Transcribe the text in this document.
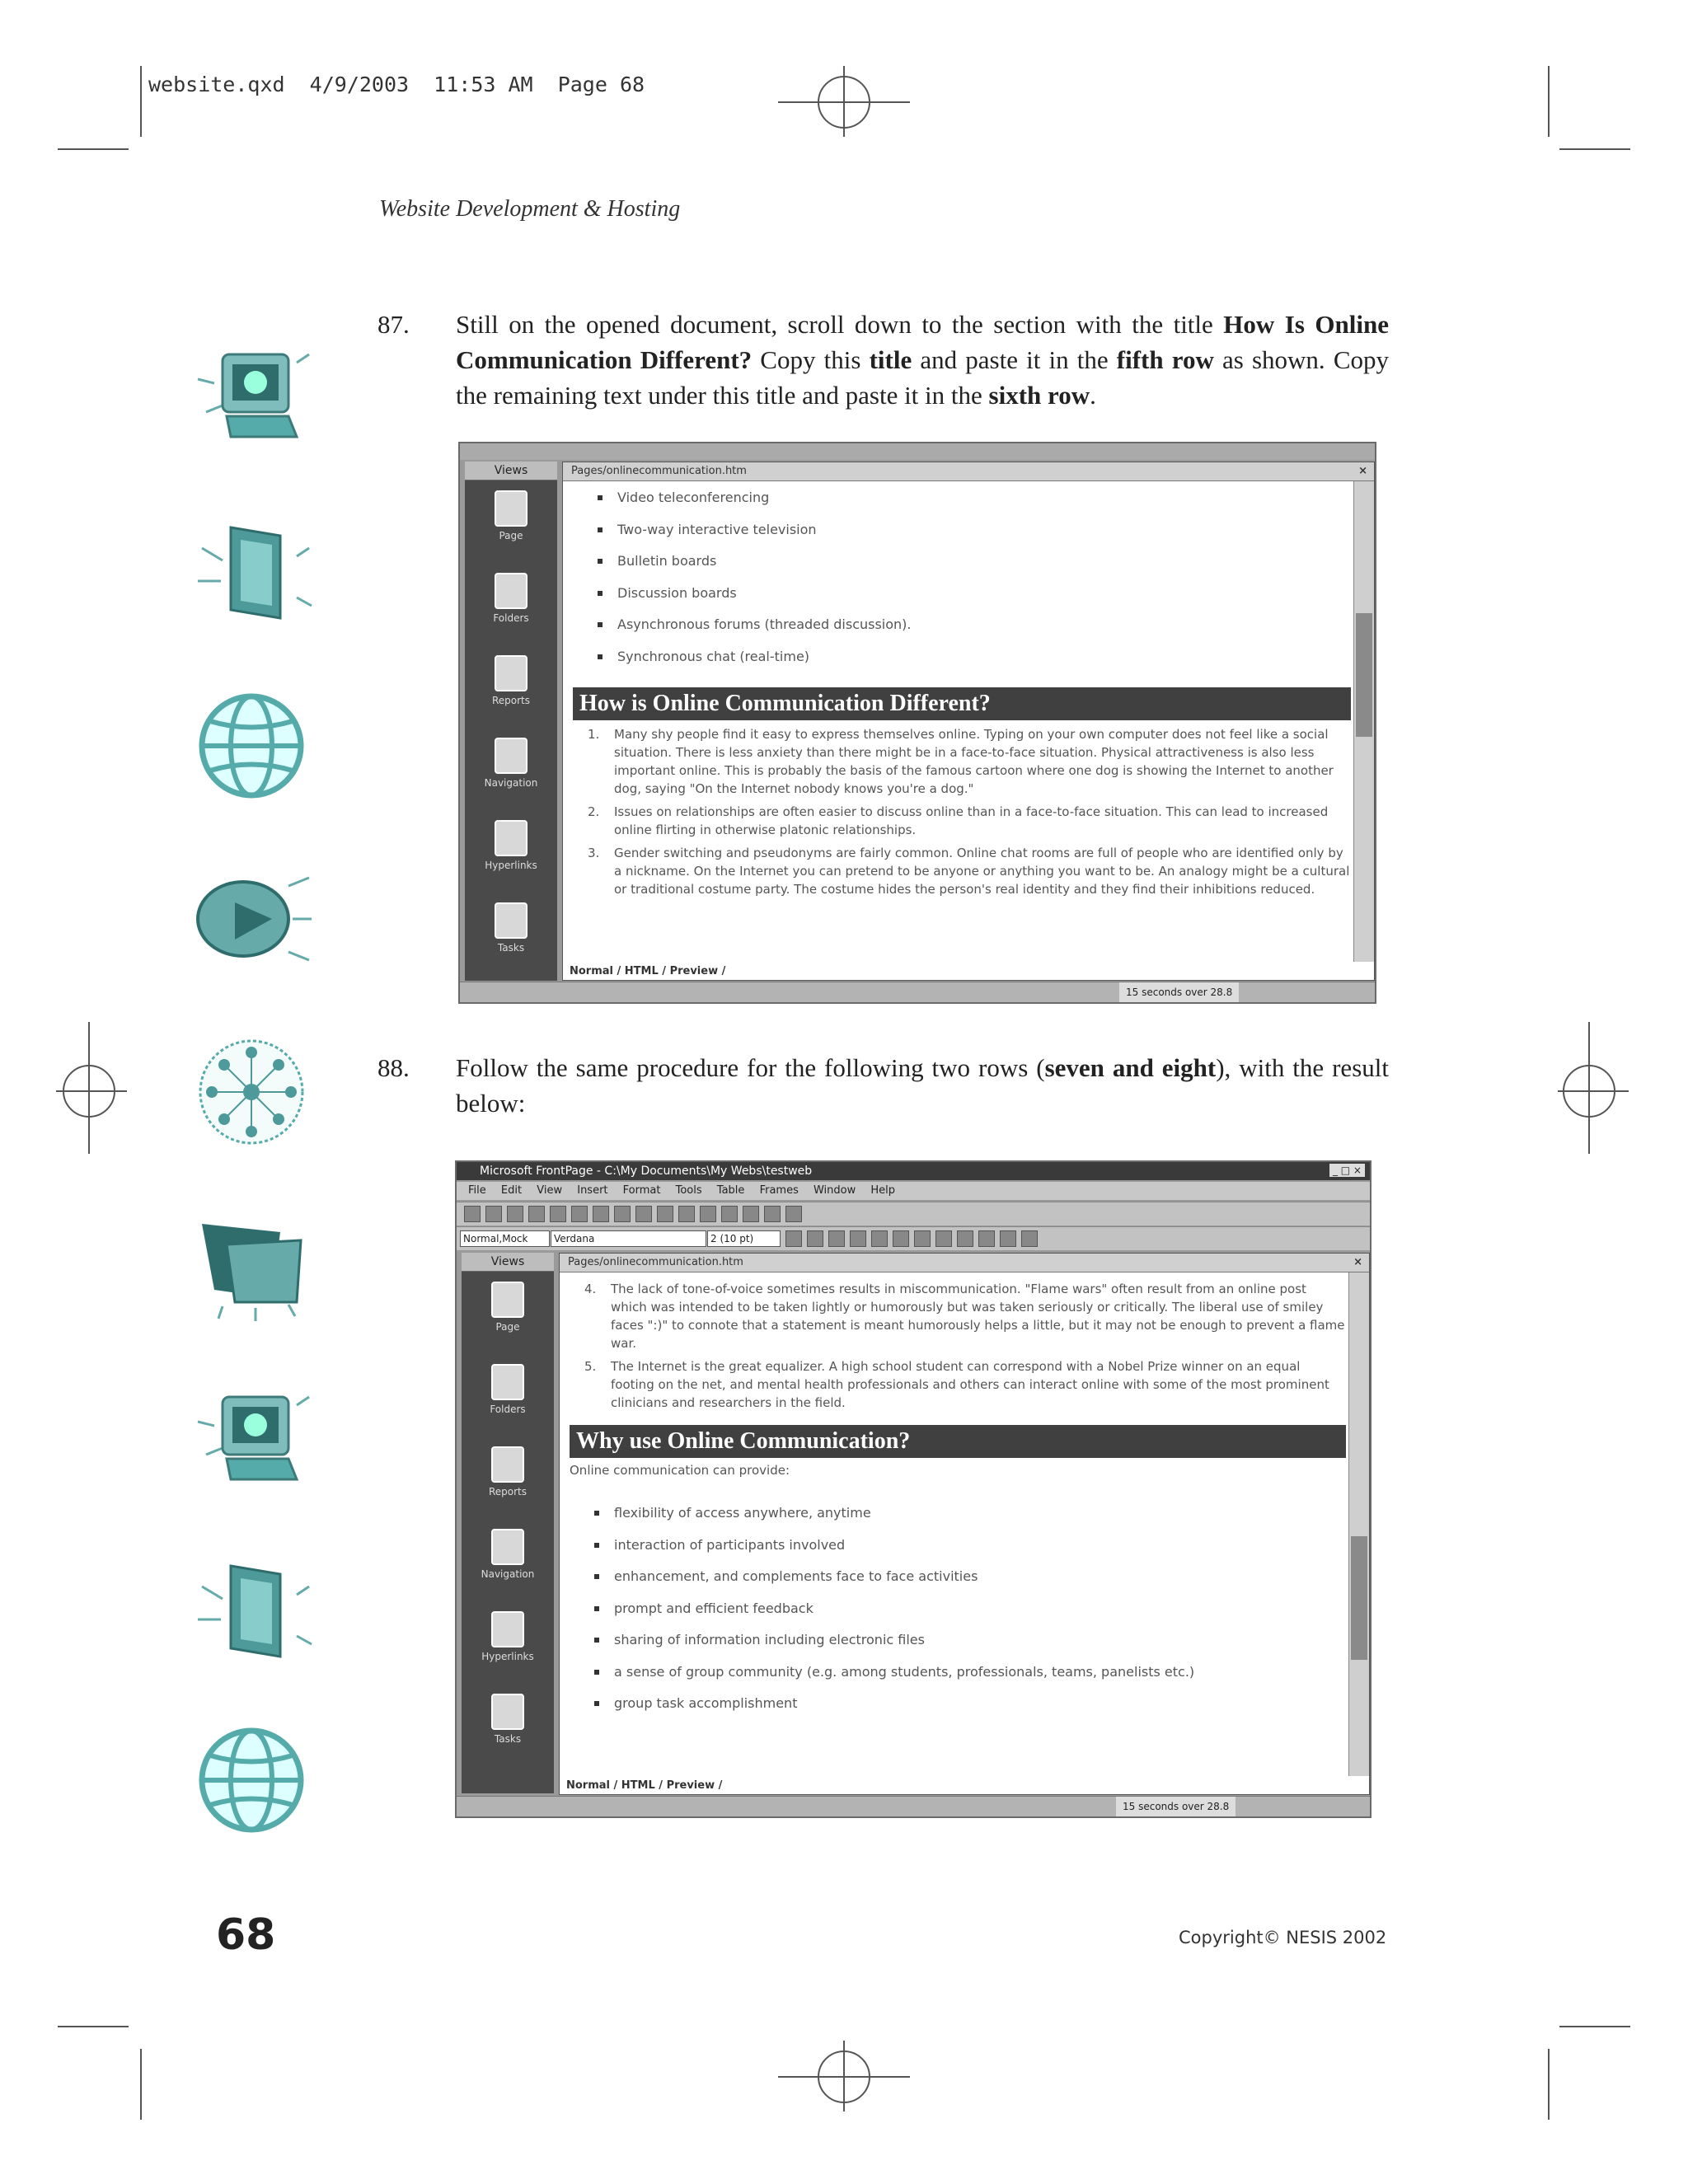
website.qxd  4/9/2003  11:53 AM  Page 68
Website Development & Hosting
87. Still on the opened document, scroll down to the section with the title How Is Online Communication Different? Copy this title and paste it in the fifth row as shown. Copy the remaining text under this title and paste it in the sixth row.
Views
Page
Folders
Reports
Navigation
Hyperlinks
Tasks
Pages/onlinecommunication.htm	×
Video teleconferencing
Two-way interactive television
Bulletin boards
Discussion boards
Asynchronous forums (threaded discussion).
Synchronous chat (real-time)
How is Online Communication Different?
1. Many shy people find it easy to express themselves online. Typing on your own computer does not feel like a social situation. There is less anxiety than there might be in a face-to-face situation. Physical attractiveness is also less important online. This is probably the basis of the famous cartoon where one dog is showing the Internet to another dog, saying "On the Internet nobody knows you're a dog."
2. Issues on relationships are often easier to discuss online than in a face-to-face situation. This can lead to increased online flirting in otherwise platonic relationships.
3. Gender switching and pseudonyms are fairly common. Online chat rooms are full of people who are identified only by a nickname. On the Internet you can pretend to be anyone or anything you want to be. An analogy might be a cultural or traditional costume party. The costume hides the person's real identity and they find their inhibitions reduced.
Normal / HTML / Preview /
15 seconds over 28.8
88. Follow the same procedure for the following two rows (seven and eight), with the result below:
Microsoft FrontPage - C:\My Documents\My Webs\testweb	_ □ ×
File Edit View Insert Format Tools Table Frames Window Help
Normal,Mock	Verdana	2 (10 pt)
Views
Page
Folders
Reports
Navigation
Hyperlinks
Tasks
Pages/onlinecommunication.htm	×
4. The lack of tone-of-voice sometimes results in miscommunication. "Flame wars" often result from an online post which was intended to be taken lightly or humorously but was taken seriously or critically. The liberal use of smiley faces ":)" to connote that a statement is meant humorously helps a little, but it may not be enough to prevent a flame war.
5. The Internet is the great equalizer. A high school student can correspond with a Nobel Prize winner on an equal footing on the net, and mental health professionals and others can interact online with some of the most prominent clinicians and researchers in the field.
Why use Online Communication?
Online communication can provide:
flexibility of access anywhere, anytime
interaction of participants involved
enhancement, and complements face to face activities
prompt and efficient feedback
sharing of information including electronic files
a sense of group community (e.g. among students, professionals, teams, panelists etc.)
group task accomplishment
Normal / HTML / Preview /
15 seconds over 28.8
68	Copyright© NESIS 2002
